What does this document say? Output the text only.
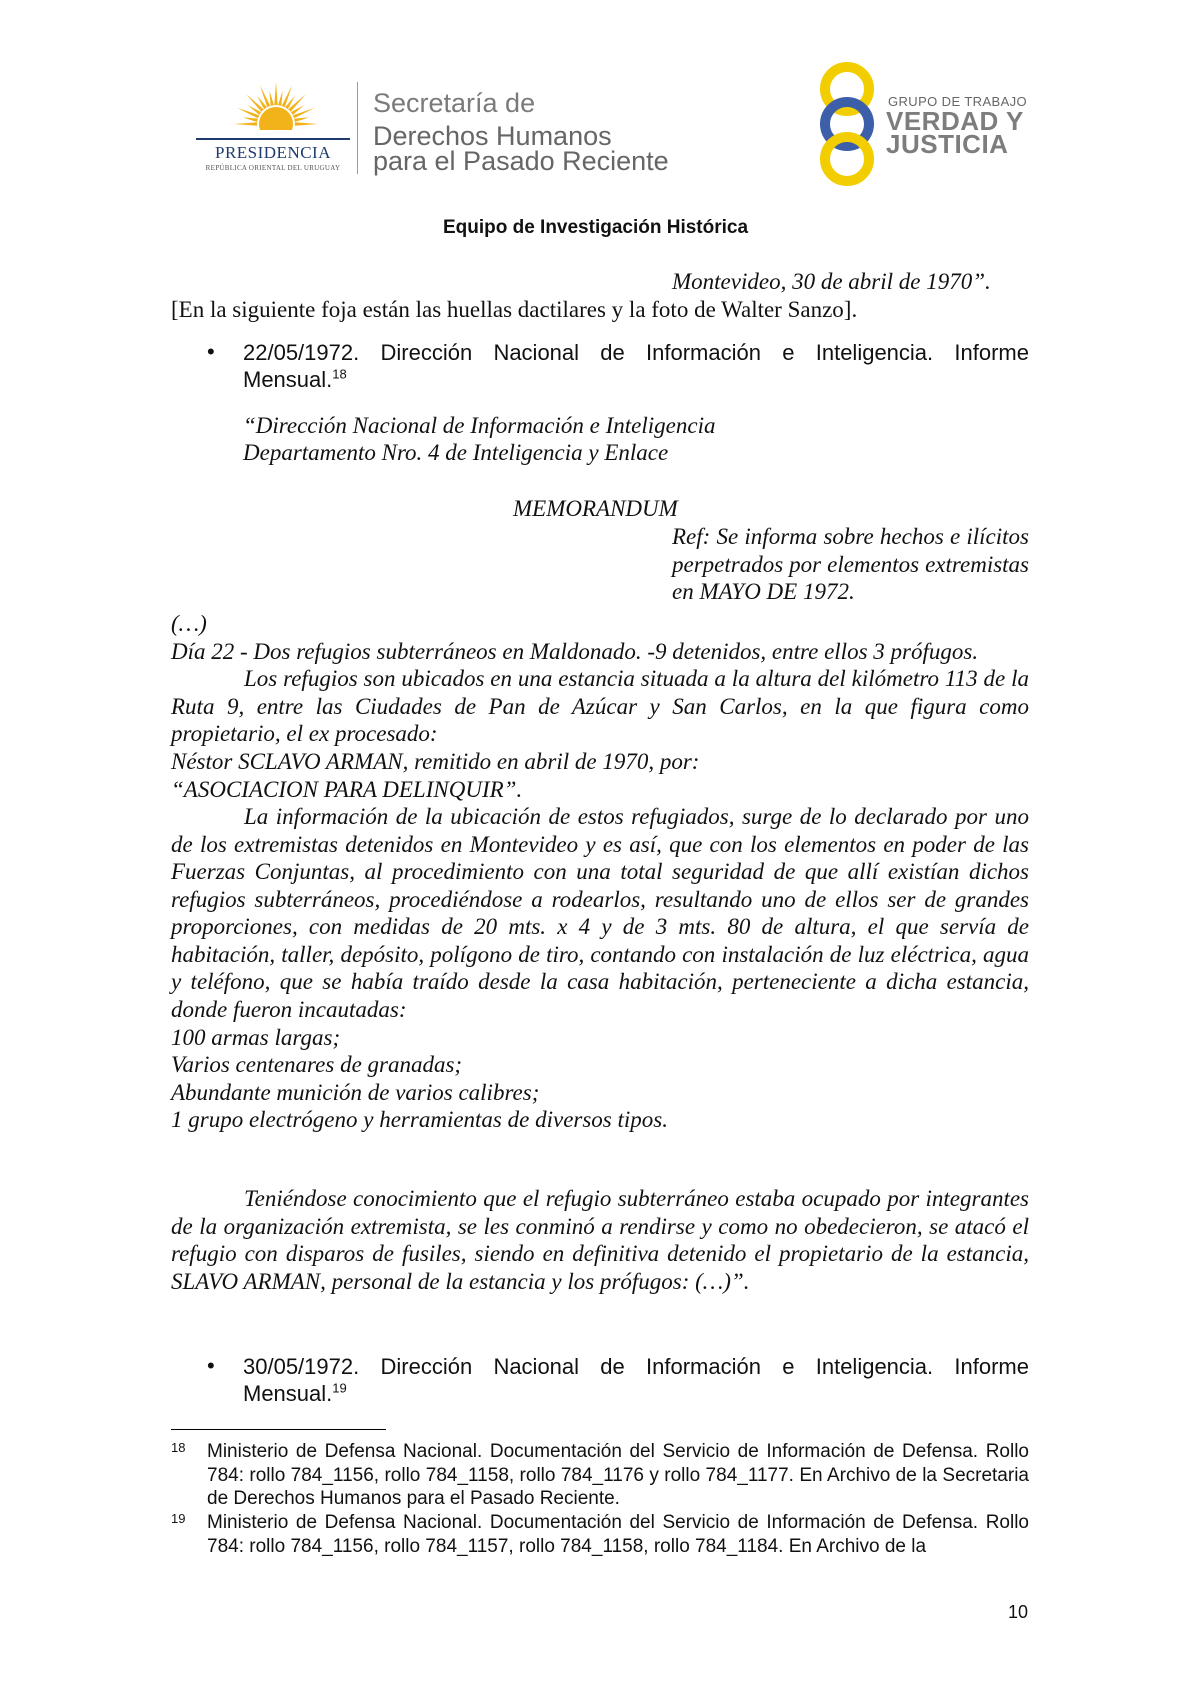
PRESIDENCIA
REPÚBLICA ORIENTAL DEL URUGUAY
Secretaría de
Derechos Humanos
para el Pasado Reciente
GRUPO DE TRABAJO
VERDAD Y
JUSTICIA
Equipo de Investigación Histórica
Montevideo, 30 de abril de 1970”.
[En la siguiente foja están las huellas dactilares y la foto de Walter Sanzo].
• 22/05/1972. Dirección Nacional de Información e Inteligencia. Informe Mensual.$^{18}$
“Dirección Nacional de Información e Inteligencia
Departamento Nro. 4 de Inteligencia y Enlace
MEMORANDUM
Ref: Se informa sobre hechos e ilícitos perpetrados por elementos extremistas en MAYO DE 1972.
(…)
Día 22 - Dos refugios subterráneos en Maldonado. -9 detenidos, entre ellos 3 prófugos.
Los refugios son ubicados en una estancia situada a la altura del kilómetro 113 de la Ruta 9, entre las Ciudades de Pan de Azúcar y San Carlos, en la que figura como propietario, el ex procesado:
Néstor SCLAVO ARMAN, remitido en abril de 1970, por:
“ASOCIACION PARA DELINQUIR”.
La información de la ubicación de estos refugiados, surge de lo declarado por uno de los extremistas detenidos en Montevideo y es así, que con los elementos en poder de las Fuerzas Conjuntas, al procedimiento con una total seguridad de que allí existían dichos refugios subterráneos, procediéndose a rodearlos, resultando uno de ellos ser de grandes proporciones, con medidas de 20 mts. x 4 y de 3 mts. 80 de altura, el que servía de habitación, taller, depósito, polígono de tiro, contando con instalación de luz eléctrica, agua y teléfono, que se había traído desde la casa habitación, perteneciente a dicha estancia, donde fueron incautadas:
100 armas largas;
Varios centenares de granadas;
Abundante munición de varios calibres;
1 grupo electrógeno y herramientas de diversos tipos.
Teniéndose conocimiento que el refugio subterráneo estaba ocupado por integrantes de la organización extremista, se les conminó a rendirse y como no obedecieron, se atacó el refugio con disparos de fusiles, siendo en definitiva detenido el propietario de la estancia, SLAVO ARMAN, personal de la estancia y los prófugos: (…)”.
• 30/05/1972. Dirección Nacional de Información e Inteligencia. Informe Mensual.$^{19}$
18 Ministerio de Defensa Nacional. Documentación del Servicio de Información de Defensa. Rollo 784: rollo 784_1156, rollo 784_1158, rollo 784_1176 y rollo 784_1177. En Archivo de la Secretaria de Derechos Humanos para el Pasado Reciente.
19 Ministerio de Defensa Nacional. Documentación del Servicio de Información de Defensa. Rollo 784: rollo 784_1156, rollo 784_1157, rollo 784_1158, rollo 784_1184. En Archivo de la
10
